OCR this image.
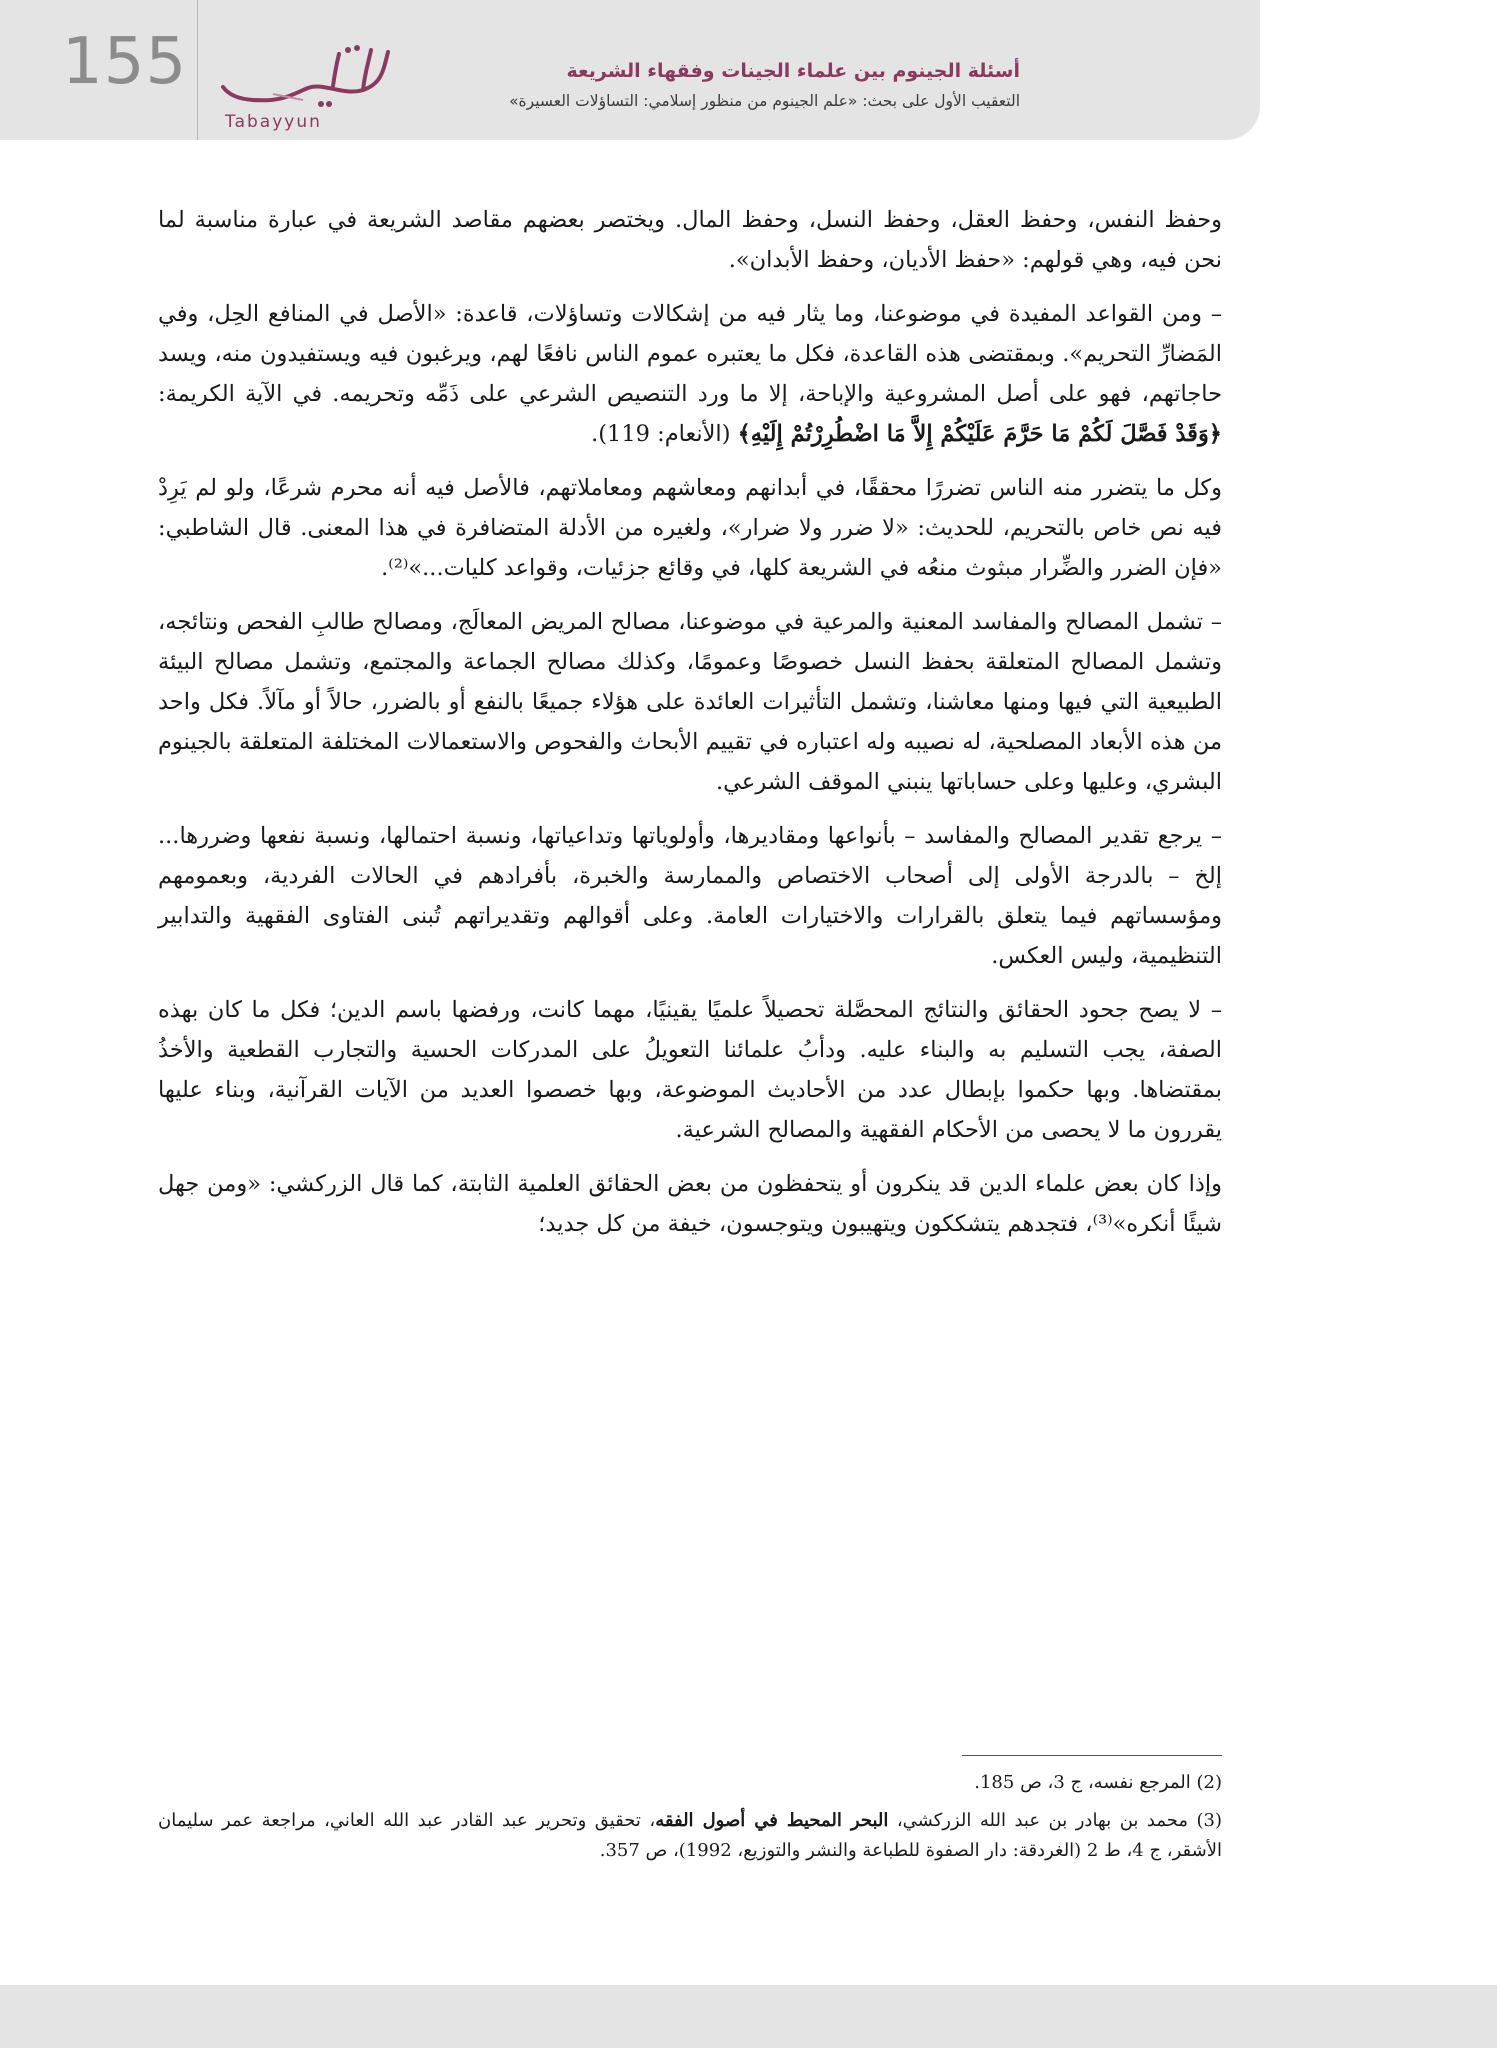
155
Tabayyun
أسئلة الجينوم بين علماء الجينات وفقهاء الشريعة
التعقيب الأول على بحث: «علم الجينوم من منظور إسلامي: التساؤلات العسيرة»

وحفظ النفس، وحفظ العقل، وحفظ النسل، وحفظ المال. ويختصر بعضهم مقاصد الشريعة في عبارة مناسبة لما نحن فيه، وهي قولهم: «حفظ الأديان، وحفظ الأبدان».

– ومن القواعد المفيدة في موضوعنا، وما يثار فيه من إشكالات وتساؤلات، قاعدة: «الأصل في المنافع الحِل، وفي المَضارِّ التحريم». وبمقتضى هذه القاعدة، فكل ما يعتبره عموم الناس نافعًا لهم، ويرغبون فيه ويستفيدون منه، ويسد حاجاتهم، فهو على أصل المشروعية والإباحة، إلا ما ورد التنصيص الشرعي على ذَمِّه وتحريمه. في الآية الكريمة: ﴿وَقَدْ فَصَّلَ لَكُمْ مَا حَرَّمَ عَلَيْكُمْ إِلاَّ مَا اضْطُرِرْتُمْ إِلَيْهِ﴾ (الأنعام: 119).

وكل ما يتضرر منه الناس تضررًا محققًا، في أبدانهم ومعاشهم ومعاملاتهم، فالأصل فيه أنه محرم شرعًا، ولو لم يَرِدْ فيه نص خاص بالتحريم، للحديث: «لا ضرر ولا ضرار»، ولغيره من الأدلة المتضافرة في هذا المعنى. قال الشاطبي: «فإن الضرر والضِّرار مبثوث منعُه في الشريعة كلها، في وقائع جزئيات، وقواعد كليات...»⁽²⁾.

– تشمل المصالح والمفاسد المعنية والمرعية في موضوعنا، مصالح المريض المعالَج، ومصالح طالبِ الفحص ونتائجه، وتشمل المصالح المتعلقة بحفظ النسل خصوصًا وعمومًا، وكذلك مصالح الجماعة والمجتمع، وتشمل مصالح البيئة الطبيعية التي فيها ومنها معاشنا، وتشمل التأثيرات العائدة على هؤلاء جميعًا بالنفع أو بالضرر، حالاً أو مآلاً. فكل واحد من هذه الأبعاد المصلحية، له نصيبه وله اعتباره في تقييم الأبحاث والفحوص والاستعمالات المختلفة المتعلقة بالجينوم البشري، وعليها وعلى حساباتها ينبني الموقف الشرعي.

– يرجع تقدير المصالح والمفاسد – بأنواعها ومقاديرها، وأولوياتها وتداعياتها، ونسبة احتمالها، ونسبة نفعها وضررها... إلخ – بالدرجة الأولى إلى أصحاب الاختصاص والممارسة والخبرة، بأفرادهم في الحالات الفردية، وبعمومهم ومؤسساتهم فيما يتعلق بالقرارات والاختيارات العامة. وعلى أقوالهم وتقديراتهم تُبنى الفتاوى الفقهية والتدابير التنظيمية، وليس العكس.

– لا يصح جحود الحقائق والنتائج المحصَّلة تحصيلاً علميًا يقينيًا، مهما كانت، ورفضها باسم الدين؛ فكل ما كان بهذه الصفة، يجب التسليم به والبناء عليه. ودأبُ علمائنا التعويلُ على المدركات الحسية والتجارب القطعية والأخذُ بمقتضاها. وبها حكموا بإبطال عدد من الأحاديث الموضوعة، وبها خصصوا العديد من الآيات القرآنية، وبناء عليها يقررون ما لا يحصى من الأحكام الفقهية والمصالح الشرعية.

وإذا كان بعض علماء الدين قد ينكرون أو يتحفظون من بعض الحقائق العلمية الثابتة، كما قال الزركشي: «ومن جهل شيئًا أنكره»⁽³⁾، فتجدهم يتشككون ويتهيبون ويتوجسون، خيفة من كل جديد؛

(2) المرجع نفسه، ج 3، ص 185.

(3) محمد بن بهادر بن عبد الله الزركشي، البحر المحيط في أصول الفقه، تحقيق وتحرير عبد القادر عبد الله العاني، مراجعة عمر سليمان الأشقر، ج 4، ط 2 (الغردقة: دار الصفوة للطباعة والنشر والتوزيع، 1992)، ص 357.
